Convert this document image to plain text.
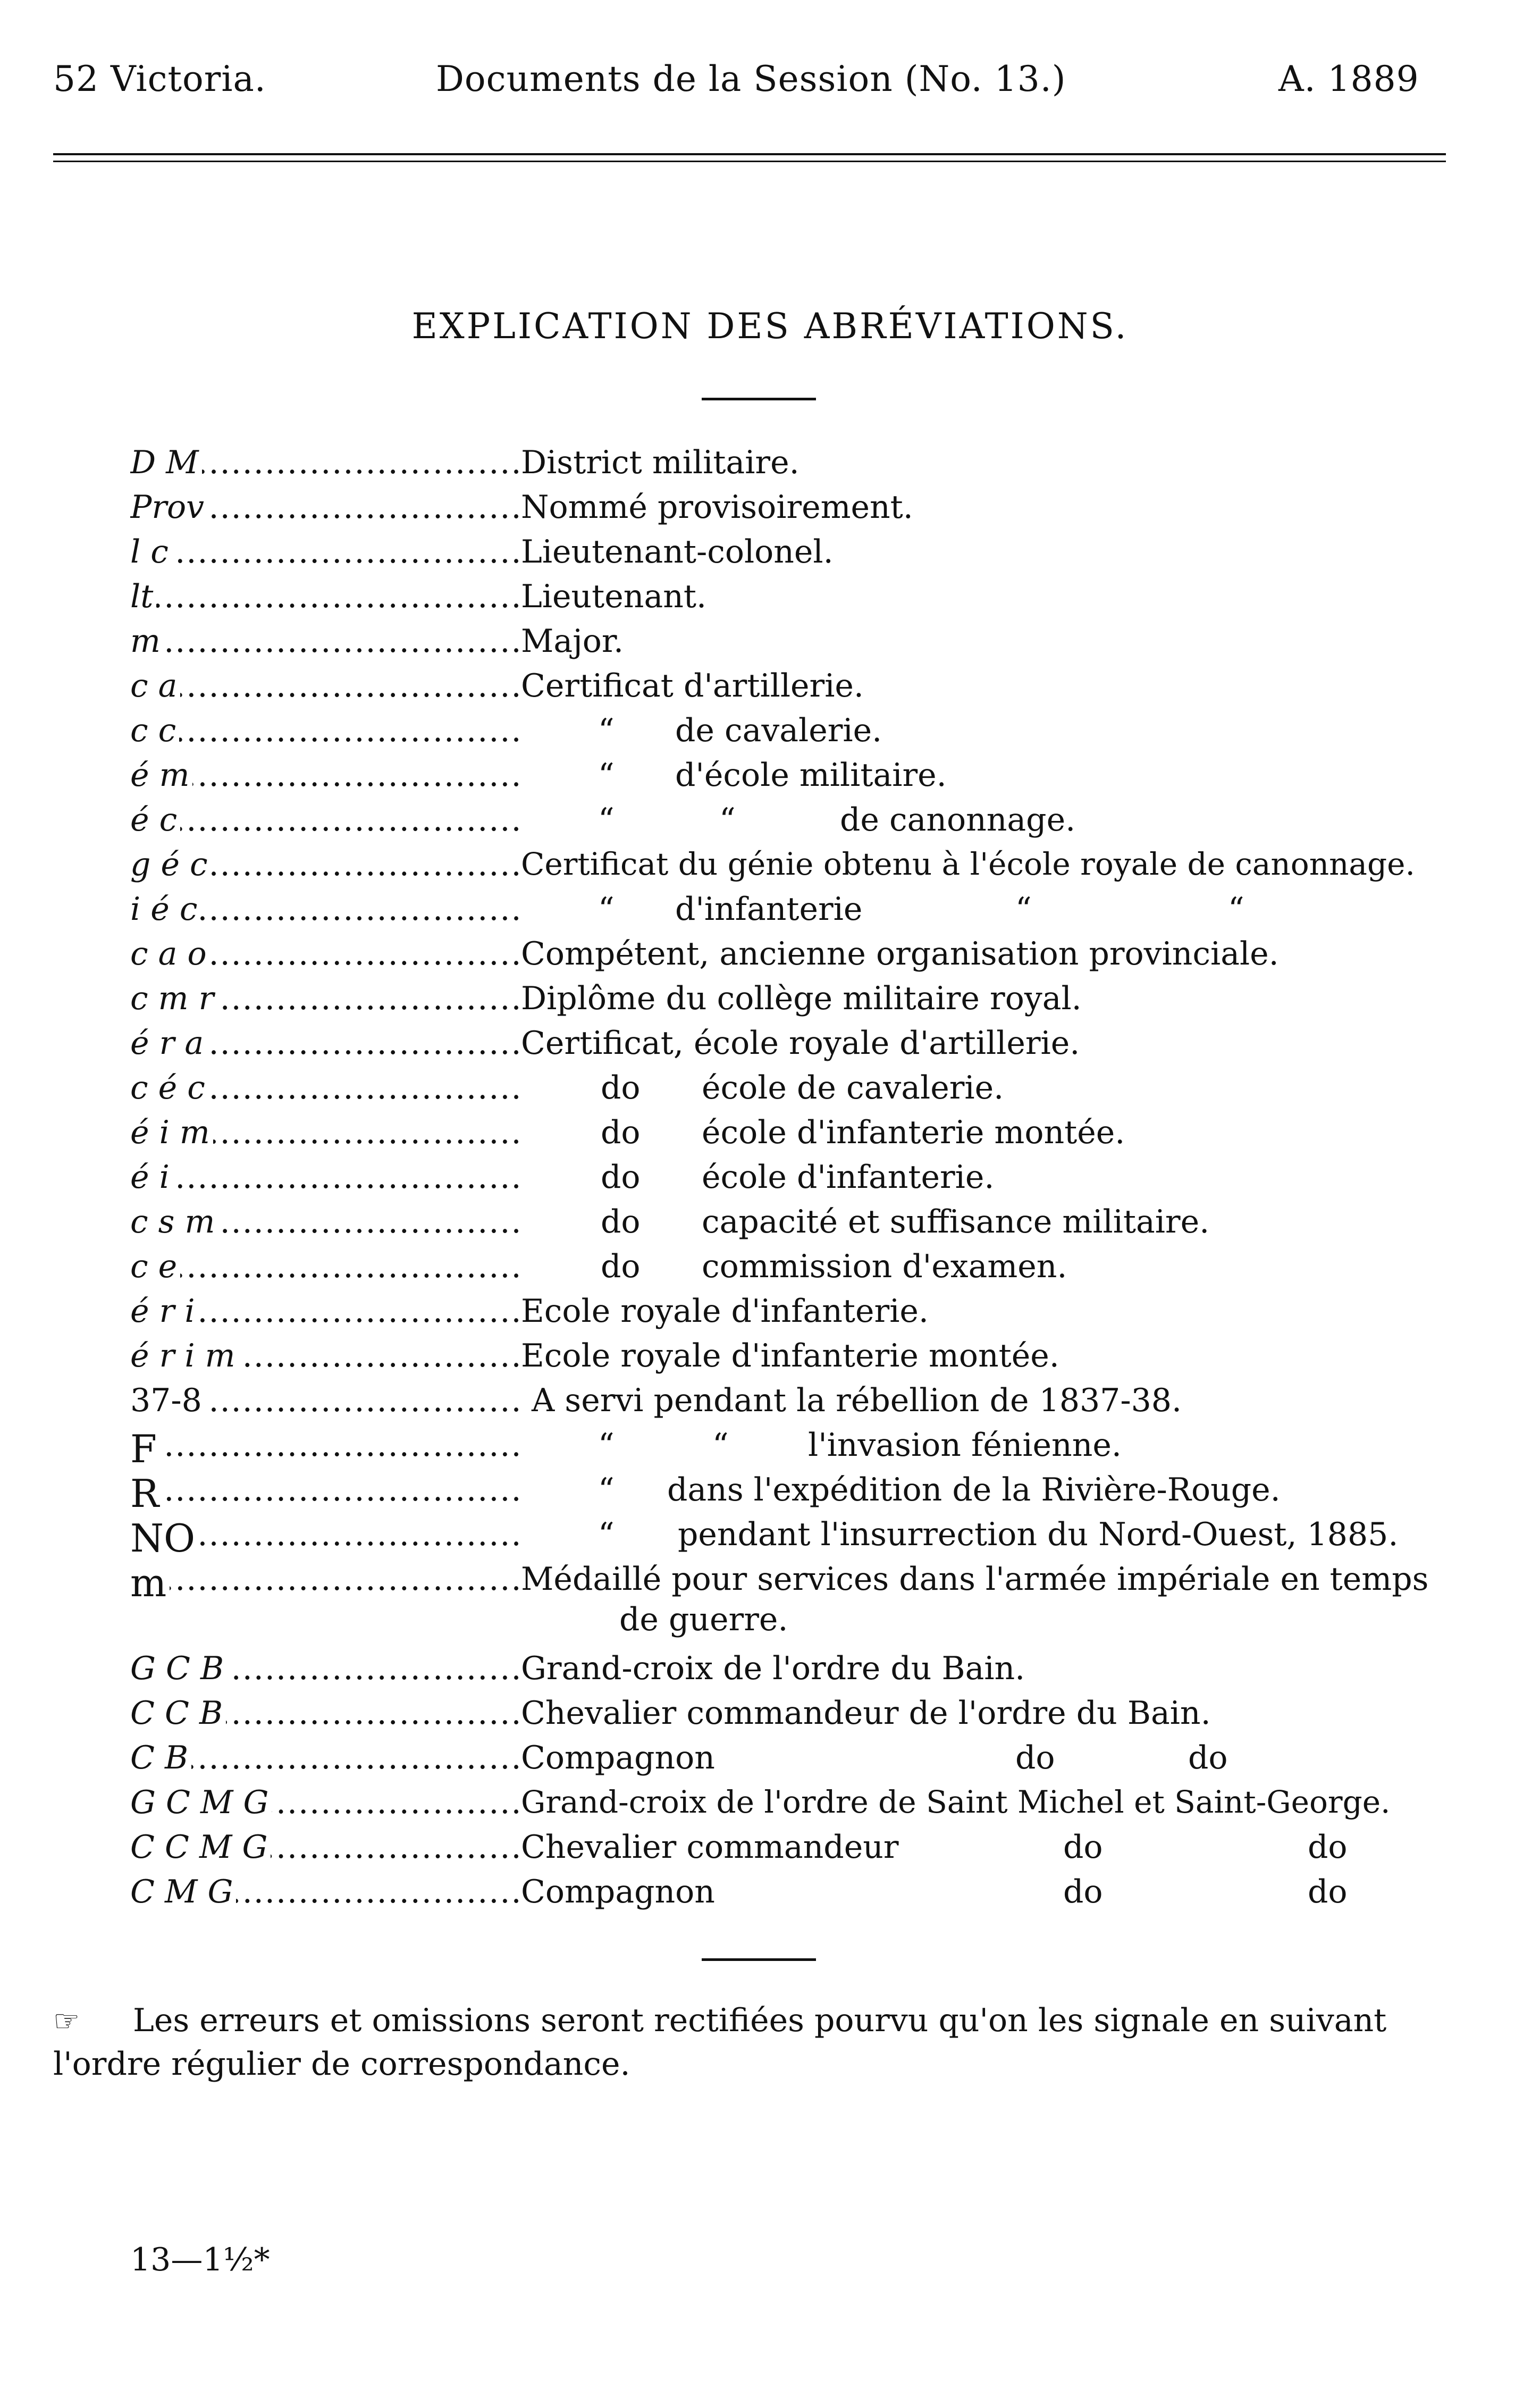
52 Victoria.	Documents de la Session (No. 13.)	A. 1889
EXPLICATION DES ABRÉVIATIONS.
D M .....	District militaire.
Prov .....	Nommé provisoirement.
l c .....	Lieutenant-colonel.
lt .....	Lieutenant.
m .....	Major.
c a .....	Certificat d'artillerie.
c c .....	“ de cavalerie.
é m .....	“ d'école militaire.
é c .....	“	“	de canonnage.
g é c .....	Certificat du génie obtenu à l'école royale de canonnage.
i é c .....	“ d'infanterie	“	“
c a o .....	Compétent, ancienne organisation provinciale.
c m r .....	Diplôme du collège militaire royal.
é r a .....	Certificat, école royale d'artillerie.
c é c .....	do école de cavalerie.
é i m .....	do école d'infanterie montée.
é i .....	do école d'infanterie.
c s m .....	do capacité et suffisance militaire.
c e .....	do commission d'examen.
é r i .....	Ecole royale d'infanterie.
é r i m .....	Ecole royale d'infanterie montée.
37-8 .....	A servi pendant la rébellion de 1837-38.
F .....	“	“ l'invasion fénienne.
R .....	“ dans l'expédition de la Rivière-Rouge.
NO .....	“ pendant l'insurrection du Nord-Ouest, 1885.
m .....	Médaillé pour services dans l'armée impériale en temps
de guerre.
G C B .....	Grand-croix de l'ordre du Bain.
C C B .....	Chevalier commandeur de l'ordre du Bain.
C B .....	Compagnon	do	do
G C M G .....	Grand-croix de l'ordre de Saint Michel et Saint-George.
C C M G .....	Chevalier commandeur	do	do
C M G .....	Compagnon	do	do
☞ Les erreurs et omissions seront rectifiées pourvu qu'on les signale en suivant
l'ordre régulier de correspondance.
13—1½*
